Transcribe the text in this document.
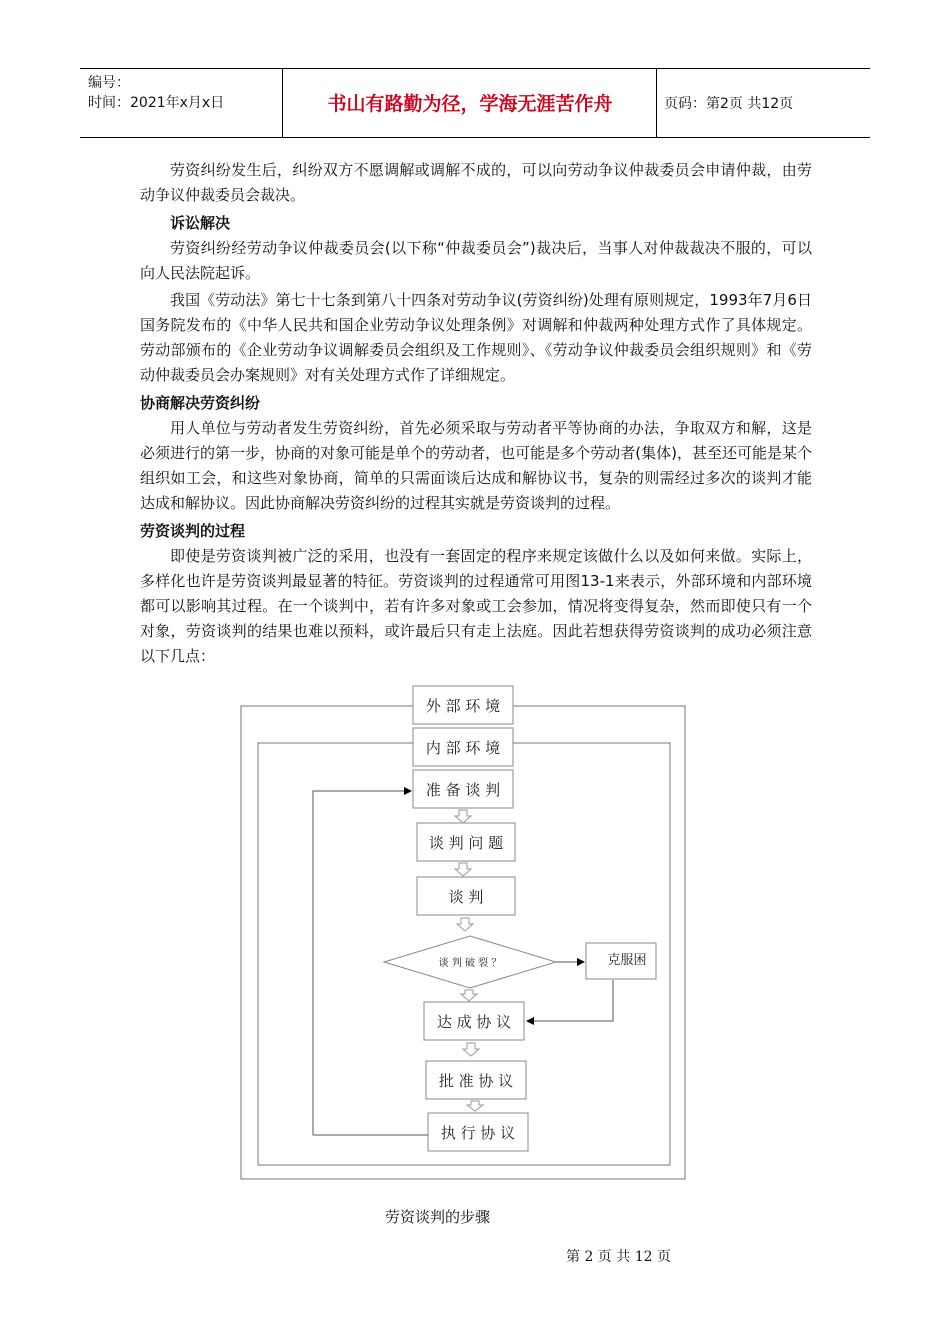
编号：
时间：2021年x月x日	书山有路勤为径，学海无涯苦作舟	页码：第2页 共12页

劳资纠纷发生后，纠纷双方不愿调解或调解不成的，可以向劳动争议仲裁委员会申请仲裁，由劳动争议仲裁委员会裁决。

诉讼解决

劳资纠纷经劳动争议仲裁委员会(以下称“仲裁委员会”)裁决后，当事人对仲裁裁决不服的，可以向人民法院起诉。

我国《劳动法》第七十七条到第八十四条对劳动争议(劳资纠纷)处理有原则规定，1993年7月6日国务院发布的《中华人民共和国企业劳动争议处理条例》对调解和仲裁两种处理方式作了具体规定。劳动部颁布的《企业劳动争议调解委员会组织及工作规则》、《劳动争议仲裁委员会组织规则》和《劳动仲裁委员会办案规则》对有关处理方式作了详细规定。

协商解决劳资纠纷

用人单位与劳动者发生劳资纠纷，首先必须采取与劳动者平等协商的办法，争取双方和解，这是必须进行的第一步，协商的对象可能是单个的劳动者，也可能是多个劳动者(集体)，甚至还可能是某个组织如工会，和这些对象协商，简单的只需面谈后达成和解协议书，复杂的则需经过多次的谈判才能达成和解协议。因此协商解决劳资纠纷的过程其实就是劳资谈判的过程。

劳资谈判的过程

即使是劳资谈判被广泛的采用，也没有一套固定的程序来规定该做什么以及如何来做。实际上，多样化也许是劳资谈判最显著的特征。劳资谈判的过程通常可用图13-1来表示，外部环境和内部环境都可以影响其过程。在一个谈判中，若有许多对象或工会参加，情况将变得复杂，然而即使只有一个对象，劳资谈判的结果也难以预料，或许最后只有走上法庭。因此若想获得劳资谈判的成功必须注意以下几点：

外 部 环 境
内 部 环 境
准 备 谈 判
谈 判 问 题
谈 判
谈 判 破 裂 ？	克服困
达 成 协 议
批 准 协 议
执 行 协 议
劳资谈判的步骤
第 2 页 共 12 页
